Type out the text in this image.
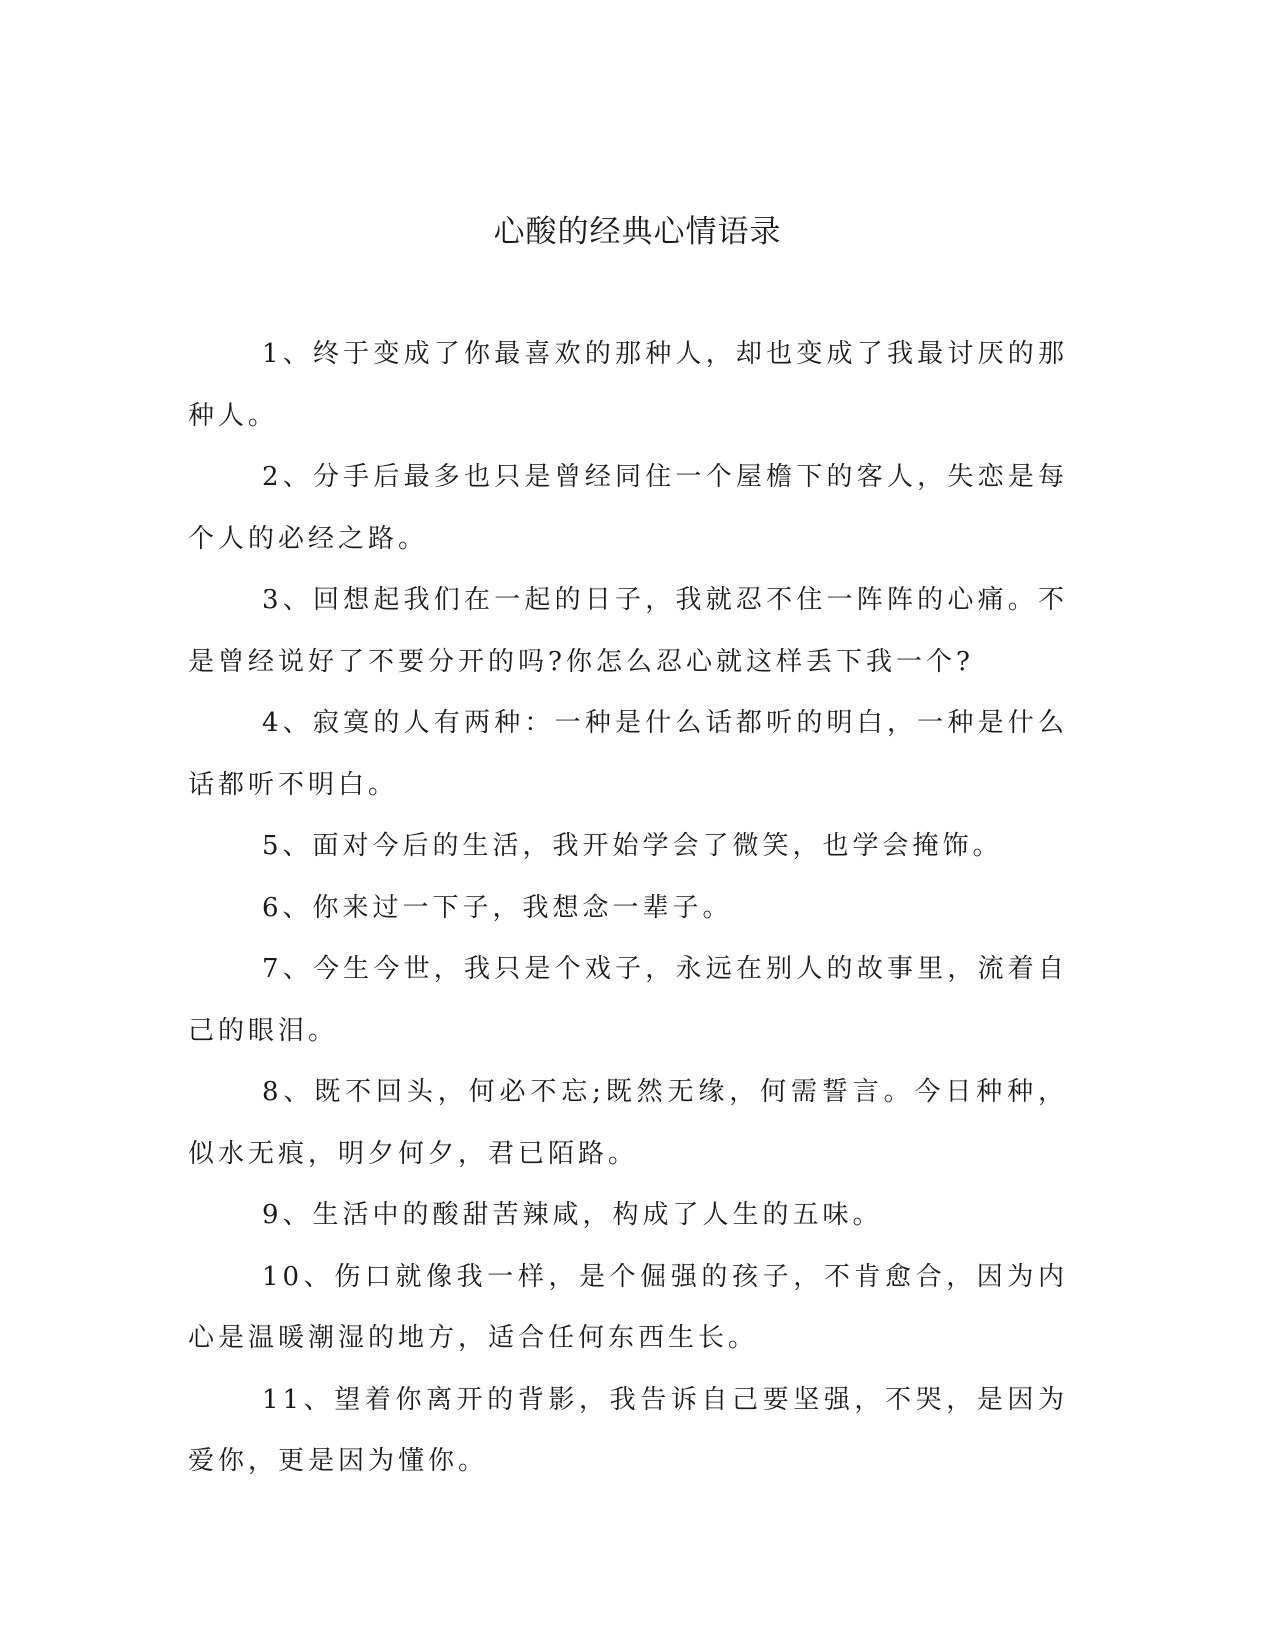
心酸的经典心情语录

1、终于变成了你最喜欢的那种人，却也变成了我最讨厌的那种人。

2、分手后最多也只是曾经同住一个屋檐下的客人，失恋是每个人的必经之路。

3、回想起我们在一起的日子，我就忍不住一阵阵的心痛。不是曾经说好了不要分开的吗?你怎么忍心就这样丢下我一个?

4、寂寞的人有两种：一种是什么话都听的明白，一种是什么话都听不明白。

5、面对今后的生活，我开始学会了微笑，也学会掩饰。

6、你来过一下子，我想念一辈子。

7、今生今世，我只是个戏子，永远在别人的故事里，流着自己的眼泪。

8、既不回头，何必不忘;既然无缘，何需誓言。今日种种，似水无痕，明夕何夕，君已陌路。

9、生活中的酸甜苦辣咸，构成了人生的五味。

10、伤口就像我一样，是个倔强的孩子，不肯愈合，因为内心是温暖潮湿的地方，适合任何东西生长。

11、望着你离开的背影，我告诉自己要坚强，不哭，是因为爱你，更是因为懂你。
